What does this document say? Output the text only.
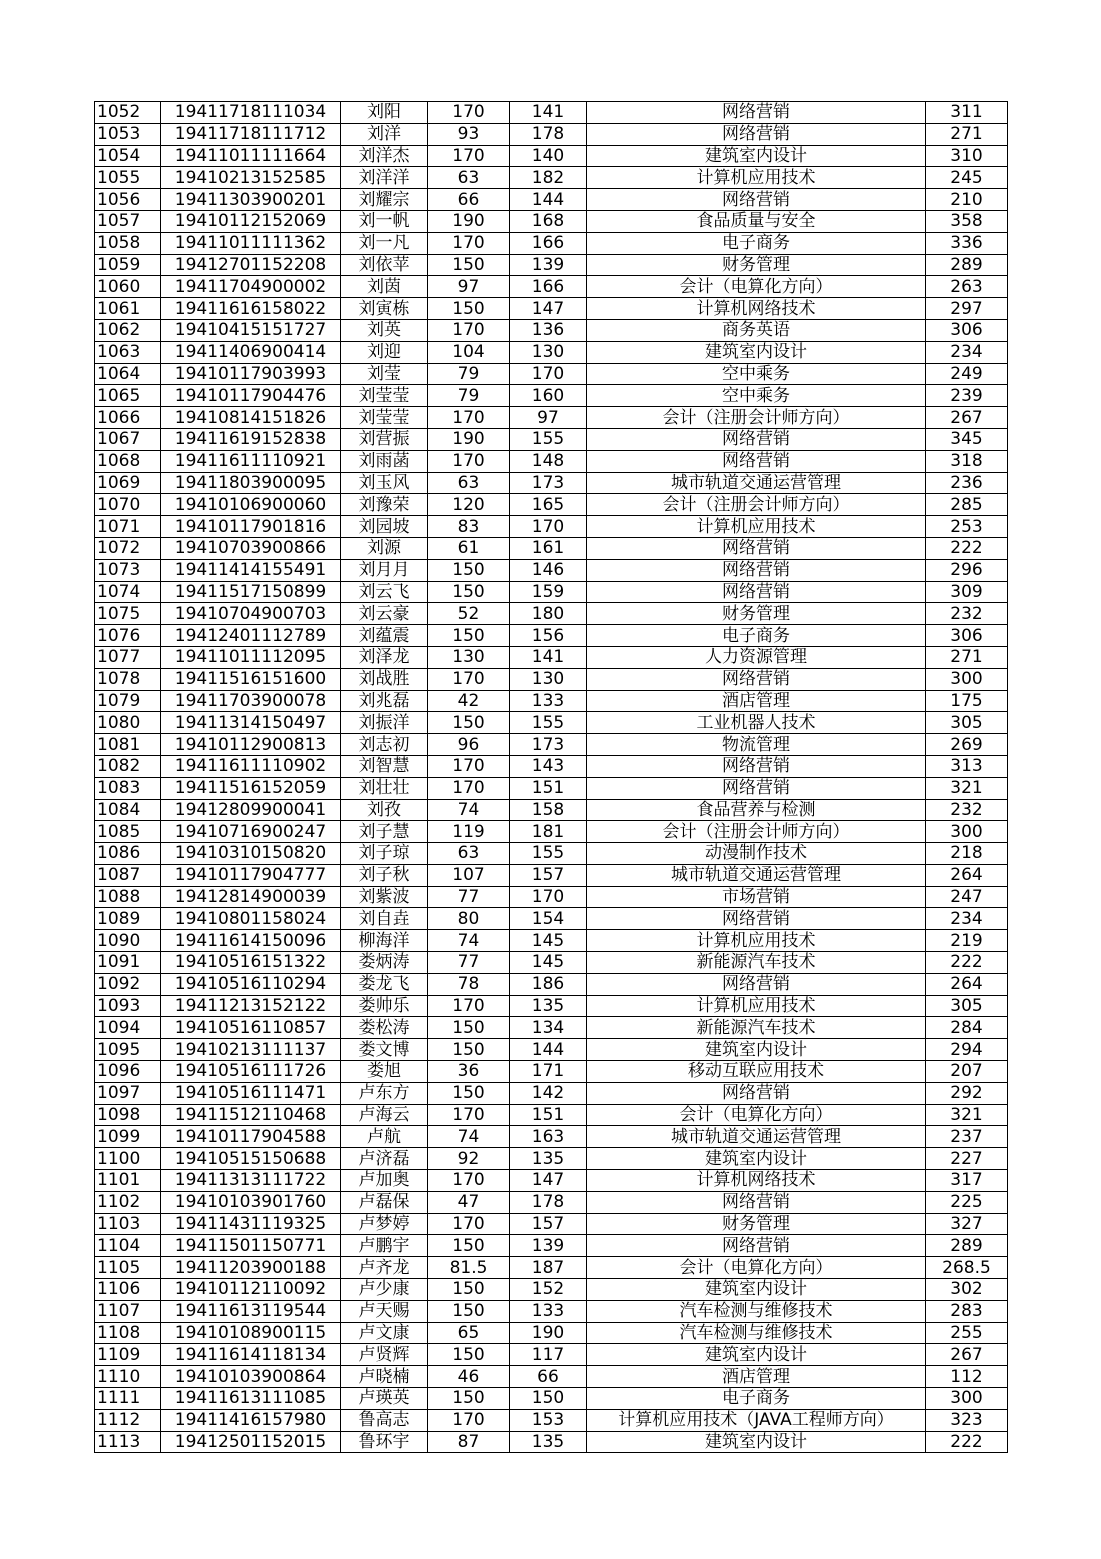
1052	19411718111034	刘阳	170	141	网络营销	311
1053	19411718111712	刘洋	93	178	网络营销	271
1054	19411011111664	刘洋杰	170	140	建筑室内设计	310
1055	19410213152585	刘洋洋	63	182	计算机应用技术	245
1056	19411303900201	刘耀宗	66	144	网络营销	210
1057	19410112152069	刘一帆	190	168	食品质量与安全	358
1058	19411011111362	刘一凡	170	166	电子商务	336
1059	19412701152208	刘依苹	150	139	财务管理	289
1060	19411704900002	刘茵	97	166	会计（电算化方向）	263
1061	19411616158022	刘寅栋	150	147	计算机网络技术	297
1062	19410415151727	刘英	170	136	商务英语	306
1063	19411406900414	刘迎	104	130	建筑室内设计	234
1064	19410117903993	刘莹	79	170	空中乘务	249
1065	19410117904476	刘莹莹	79	160	空中乘务	239
1066	19410814151826	刘莹莹	170	97	会计（注册会计师方向）	267
1067	19411619152838	刘营振	190	155	网络营销	345
1068	19411611110921	刘雨菡	170	148	网络营销	318
1069	19411803900095	刘玉风	63	173	城市轨道交通运营管理	236
1070	19410106900060	刘豫荣	120	165	会计（注册会计师方向）	285
1071	19410117901816	刘园坡	83	170	计算机应用技术	253
1072	19410703900866	刘源	61	161	网络营销	222
1073	19411414155491	刘月月	150	146	网络营销	296
1074	19411517150899	刘云飞	150	159	网络营销	309
1075	19410704900703	刘云豪	52	180	财务管理	232
1076	19412401112789	刘蕴震	150	156	电子商务	306
1077	19411011112095	刘泽龙	130	141	人力资源管理	271
1078	19411516151600	刘战胜	170	130	网络营销	300
1079	19411703900078	刘兆磊	42	133	酒店管理	175
1080	19411314150497	刘振洋	150	155	工业机器人技术	305
1081	19410112900813	刘志初	96	173	物流管理	269
1082	19411611110902	刘智慧	170	143	网络营销	313
1083	19411516152059	刘壮壮	170	151	网络营销	321
1084	19412809900041	刘孜	74	158	食品营养与检测	232
1085	19410716900247	刘子慧	119	181	会计（注册会计师方向）	300
1086	19410310150820	刘子琼	63	155	动漫制作技术	218
1087	19410117904777	刘子秋	107	157	城市轨道交通运营管理	264
1088	19412814900039	刘紫波	77	170	市场营销	247
1089	19410801158024	刘自垚	80	154	网络营销	234
1090	19411614150096	柳海洋	74	145	计算机应用技术	219
1091	19410516151322	娄炳涛	77	145	新能源汽车技术	222
1092	19410516110294	娄龙飞	78	186	网络营销	264
1093	19411213152122	娄帅乐	170	135	计算机应用技术	305
1094	19410516110857	娄松涛	150	134	新能源汽车技术	284
1095	19410213111137	娄文博	150	144	建筑室内设计	294
1096	19410516111726	娄旭	36	171	移动互联应用技术	207
1097	19410516111471	卢东方	150	142	网络营销	292
1098	19411512110468	卢海云	170	151	会计（电算化方向）	321
1099	19410117904588	卢航	74	163	城市轨道交通运营管理	237
1100	19410515150688	卢济磊	92	135	建筑室内设计	227
1101	19411313111722	卢加奥	170	147	计算机网络技术	317
1102	19410103901760	卢磊保	47	178	网络营销	225
1103	19411431119325	卢梦婷	170	157	财务管理	327
1104	19411501150771	卢鹏宇	150	139	网络营销	289
1105	19411203900188	卢齐龙	81.5	187	会计（电算化方向）	268.5
1106	19410112110092	卢少康	150	152	建筑室内设计	302
1107	19411613119544	卢天赐	150	133	汽车检测与维修技术	283
1108	19410108900115	卢文康	65	190	汽车检测与维修技术	255
1109	19411614118134	卢贤辉	150	117	建筑室内设计	267
1110	19410103900864	卢晓楠	46	66	酒店管理	112
1111	19411613111085	卢瑛英	150	150	电子商务	300
1112	19411416157980	鲁高志	170	153	计算机应用技术（JAVA工程师方向）	323
1113	19412501152015	鲁环宇	87	135	建筑室内设计	222
